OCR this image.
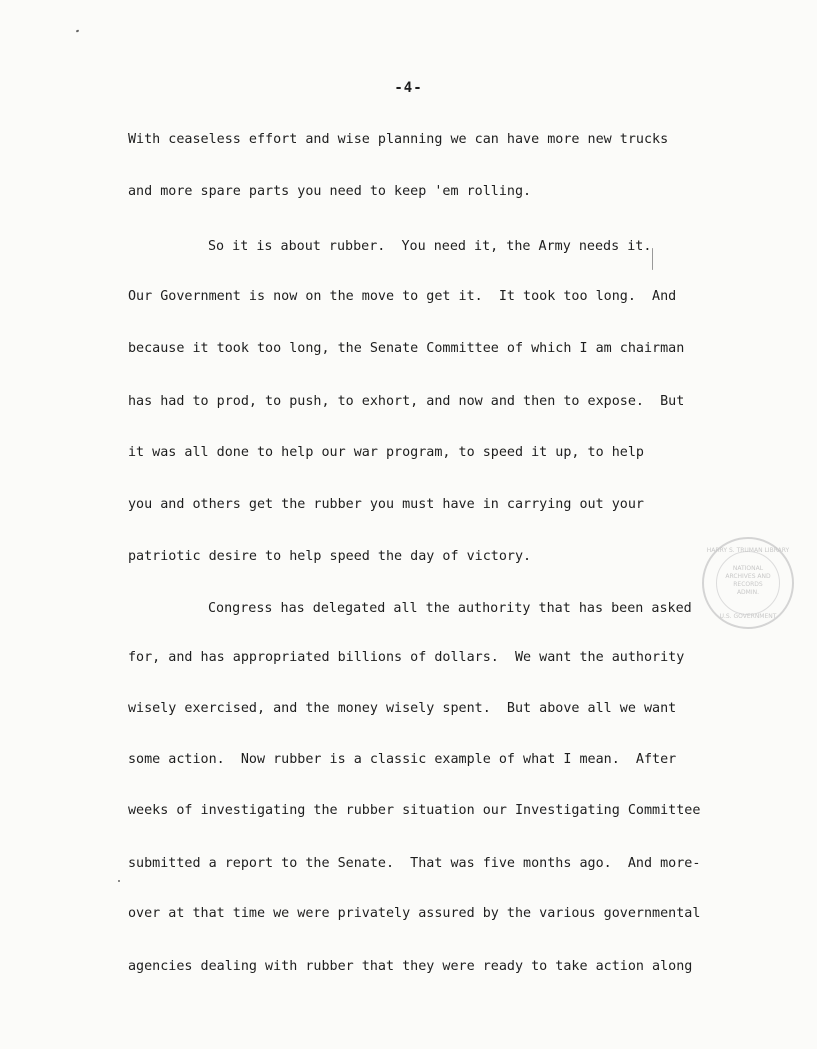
-4-
With ceaseless effort and wise planning we can have more new trucks
and more spare parts you need to keep 'em rolling.
So it is about rubber.  You need it, the Army needs it.
Our Government is now on the move to get it.  It took too long.  And
because it took too long, the Senate Committee of which I am chairman
has had to prod, to push, to exhort, and now and then to expose.  But
it was all done to help our war program, to speed it up, to help
you and others get the rubber you must have in carrying out your
patriotic desire to help speed the day of victory.
Congress has delegated all the authority that has been asked
for, and has appropriated billions of dollars.  We want the authority
wisely exercised, and the money wisely spent.  But above all we want
some action.  Now rubber is a classic example of what I mean.  After
weeks of investigating the rubber situation our Investigating Committee
submitted a report to the Senate.  That was five months ago.  And more-
over at that time we were privately assured by the various governmental
agencies dealing with rubber that they were ready to take action along
HARRY S. TRUMAN LIBRARY
NATIONAL
ARCHIVES AND
RECORDS
ADMIN.
U.S. GOVERNMENT
